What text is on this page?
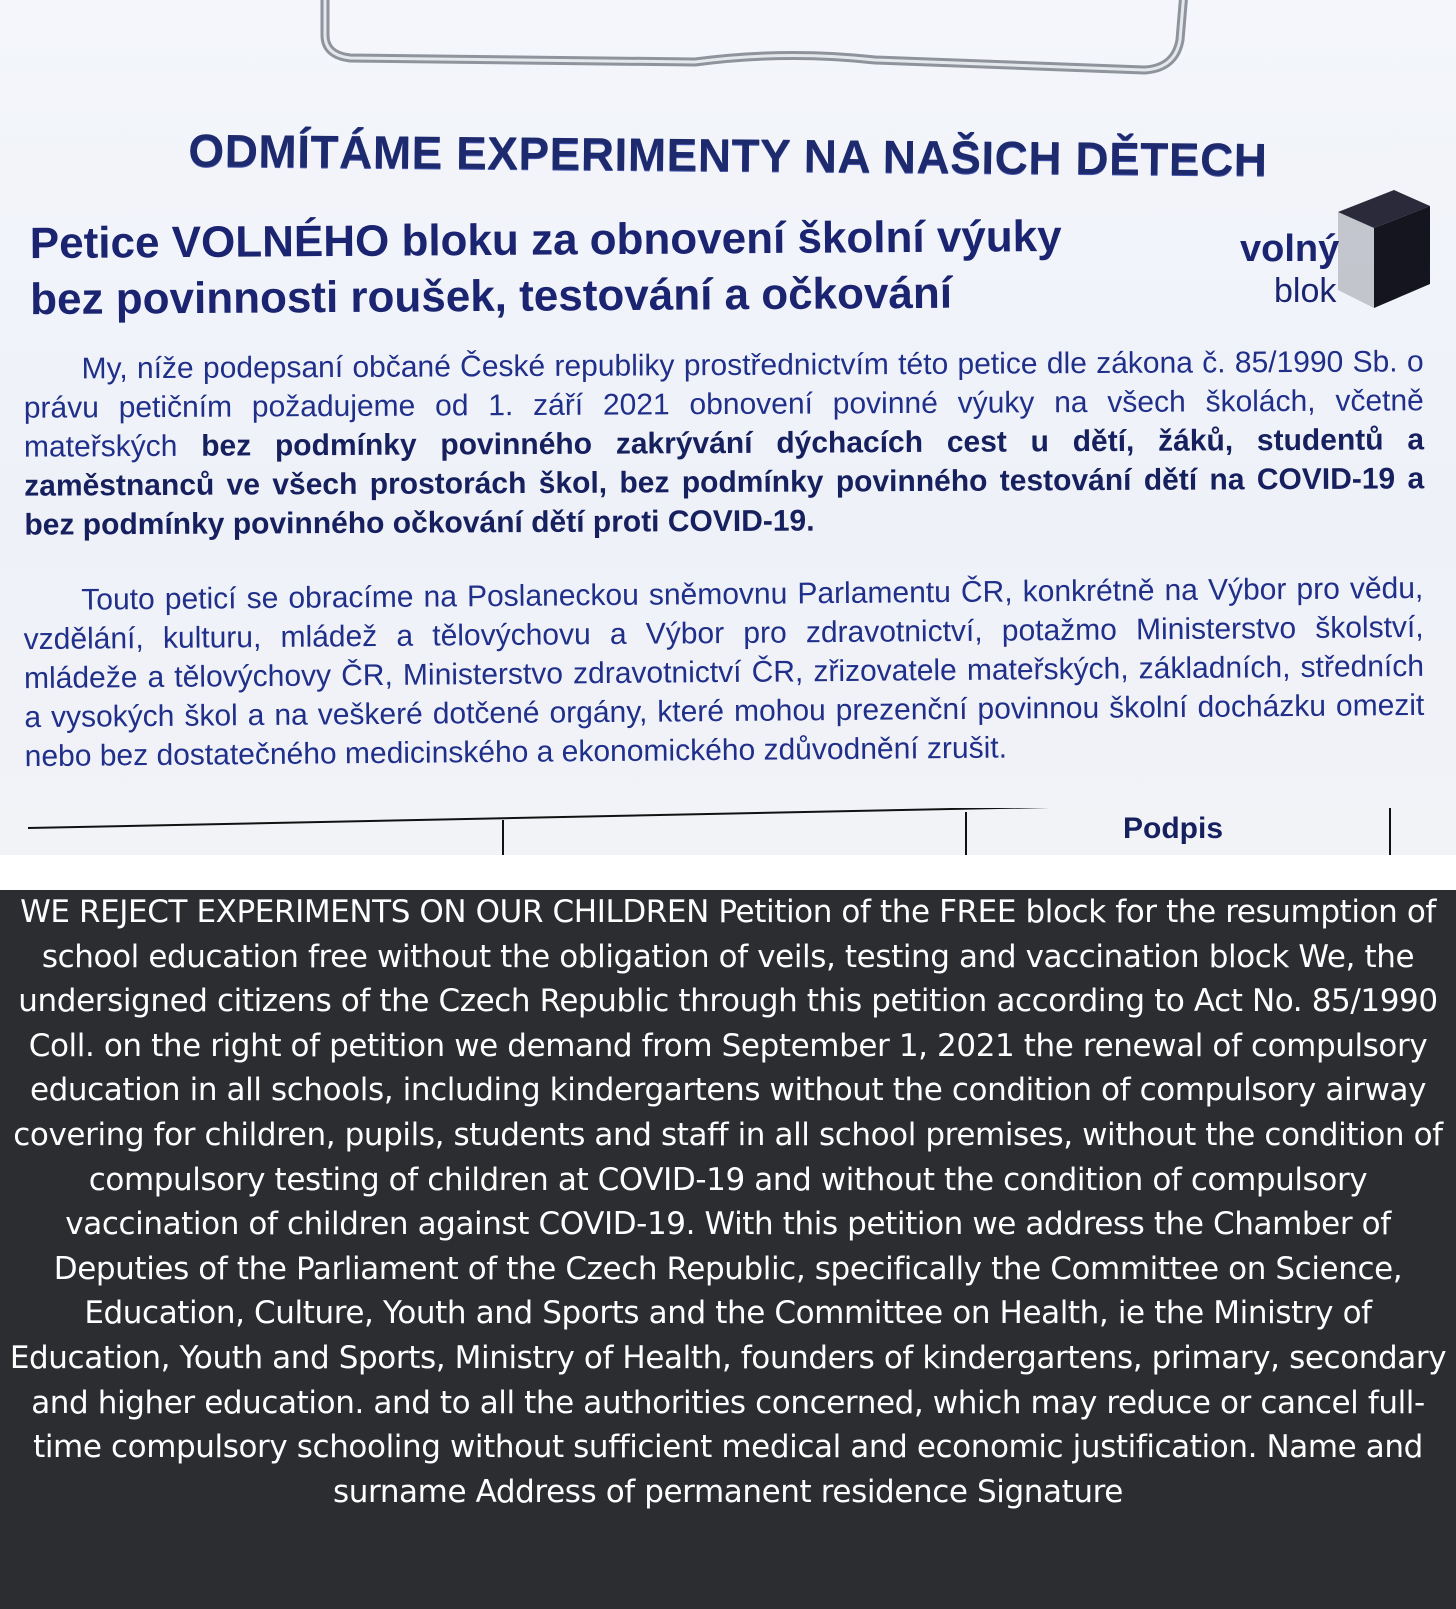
ODMÍTÁME EXPERIMENTY NA NAŠICH DĚTECH
Petice VOLNÉHO bloku za obnovení školní výuky
bez povinnosti roušek, testování a očkování
volný
blok
My, níže podepsaní občané České republiky prostřednictvím této petice dle zákona č. 85/1990 Sb. o právu petičním požadujeme od 1. září 2021 obnovení povinné výuky na všech školách, včetně mateřských bez podmínky povinného zakrývání dýchacích cest u dětí, žáků, studentů a zaměstnanců ve všech prostorách škol, bez podmínky povinného testování dětí na COVID-19 a bez podmínky povinného očkování dětí proti COVID-19.
Touto peticí se obracíme na Poslaneckou sněmovnu Parlamentu ČR, konkrétně na Výbor pro vědu, vzdělání, kulturu, mládež a tělovýchovu a Výbor pro zdravotnictví, potažmo Ministerstvo školství, mládeže a tělovýchovy ČR, Ministerstvo zdravotnictví ČR, zřizovatele mateřských, základních, středních a vysokých škol a na veškeré dotčené orgány, které mohou prezenční povinnou školní docházku omezit nebo bez dostatečného medicinského a ekonomického zdůvodnění zrušit.
Podpis

WE REJECT EXPERIMENTS ON OUR CHILDREN Petition of the FREE block for the resumption of school education free without the obligation of veils, testing and vaccination block We, the undersigned citizens of the Czech Republic through this petition according to Act No. 85/1990 Coll. on the right of petition we demand from September 1, 2021 the renewal of compulsory education in all schools, including kindergartens without the condition of compulsory airway covering for children, pupils, students and staff in all school premises, without the condition of compulsory testing of children at COVID-19 and without the condition of compulsory vaccination of children against COVID-19. With this petition we address the Chamber of Deputies of the Parliament of the Czech Republic, specifically the Committee on Science, Education, Culture, Youth and Sports and the Committee on Health, ie the Ministry of Education, Youth and Sports, Ministry of Health, founders of kindergartens, primary, secondary and higher education. and to all the authorities concerned, which may reduce or cancel full-time compulsory schooling without sufficient medical and economic justification. Name and surname Address of permanent residence Signature
